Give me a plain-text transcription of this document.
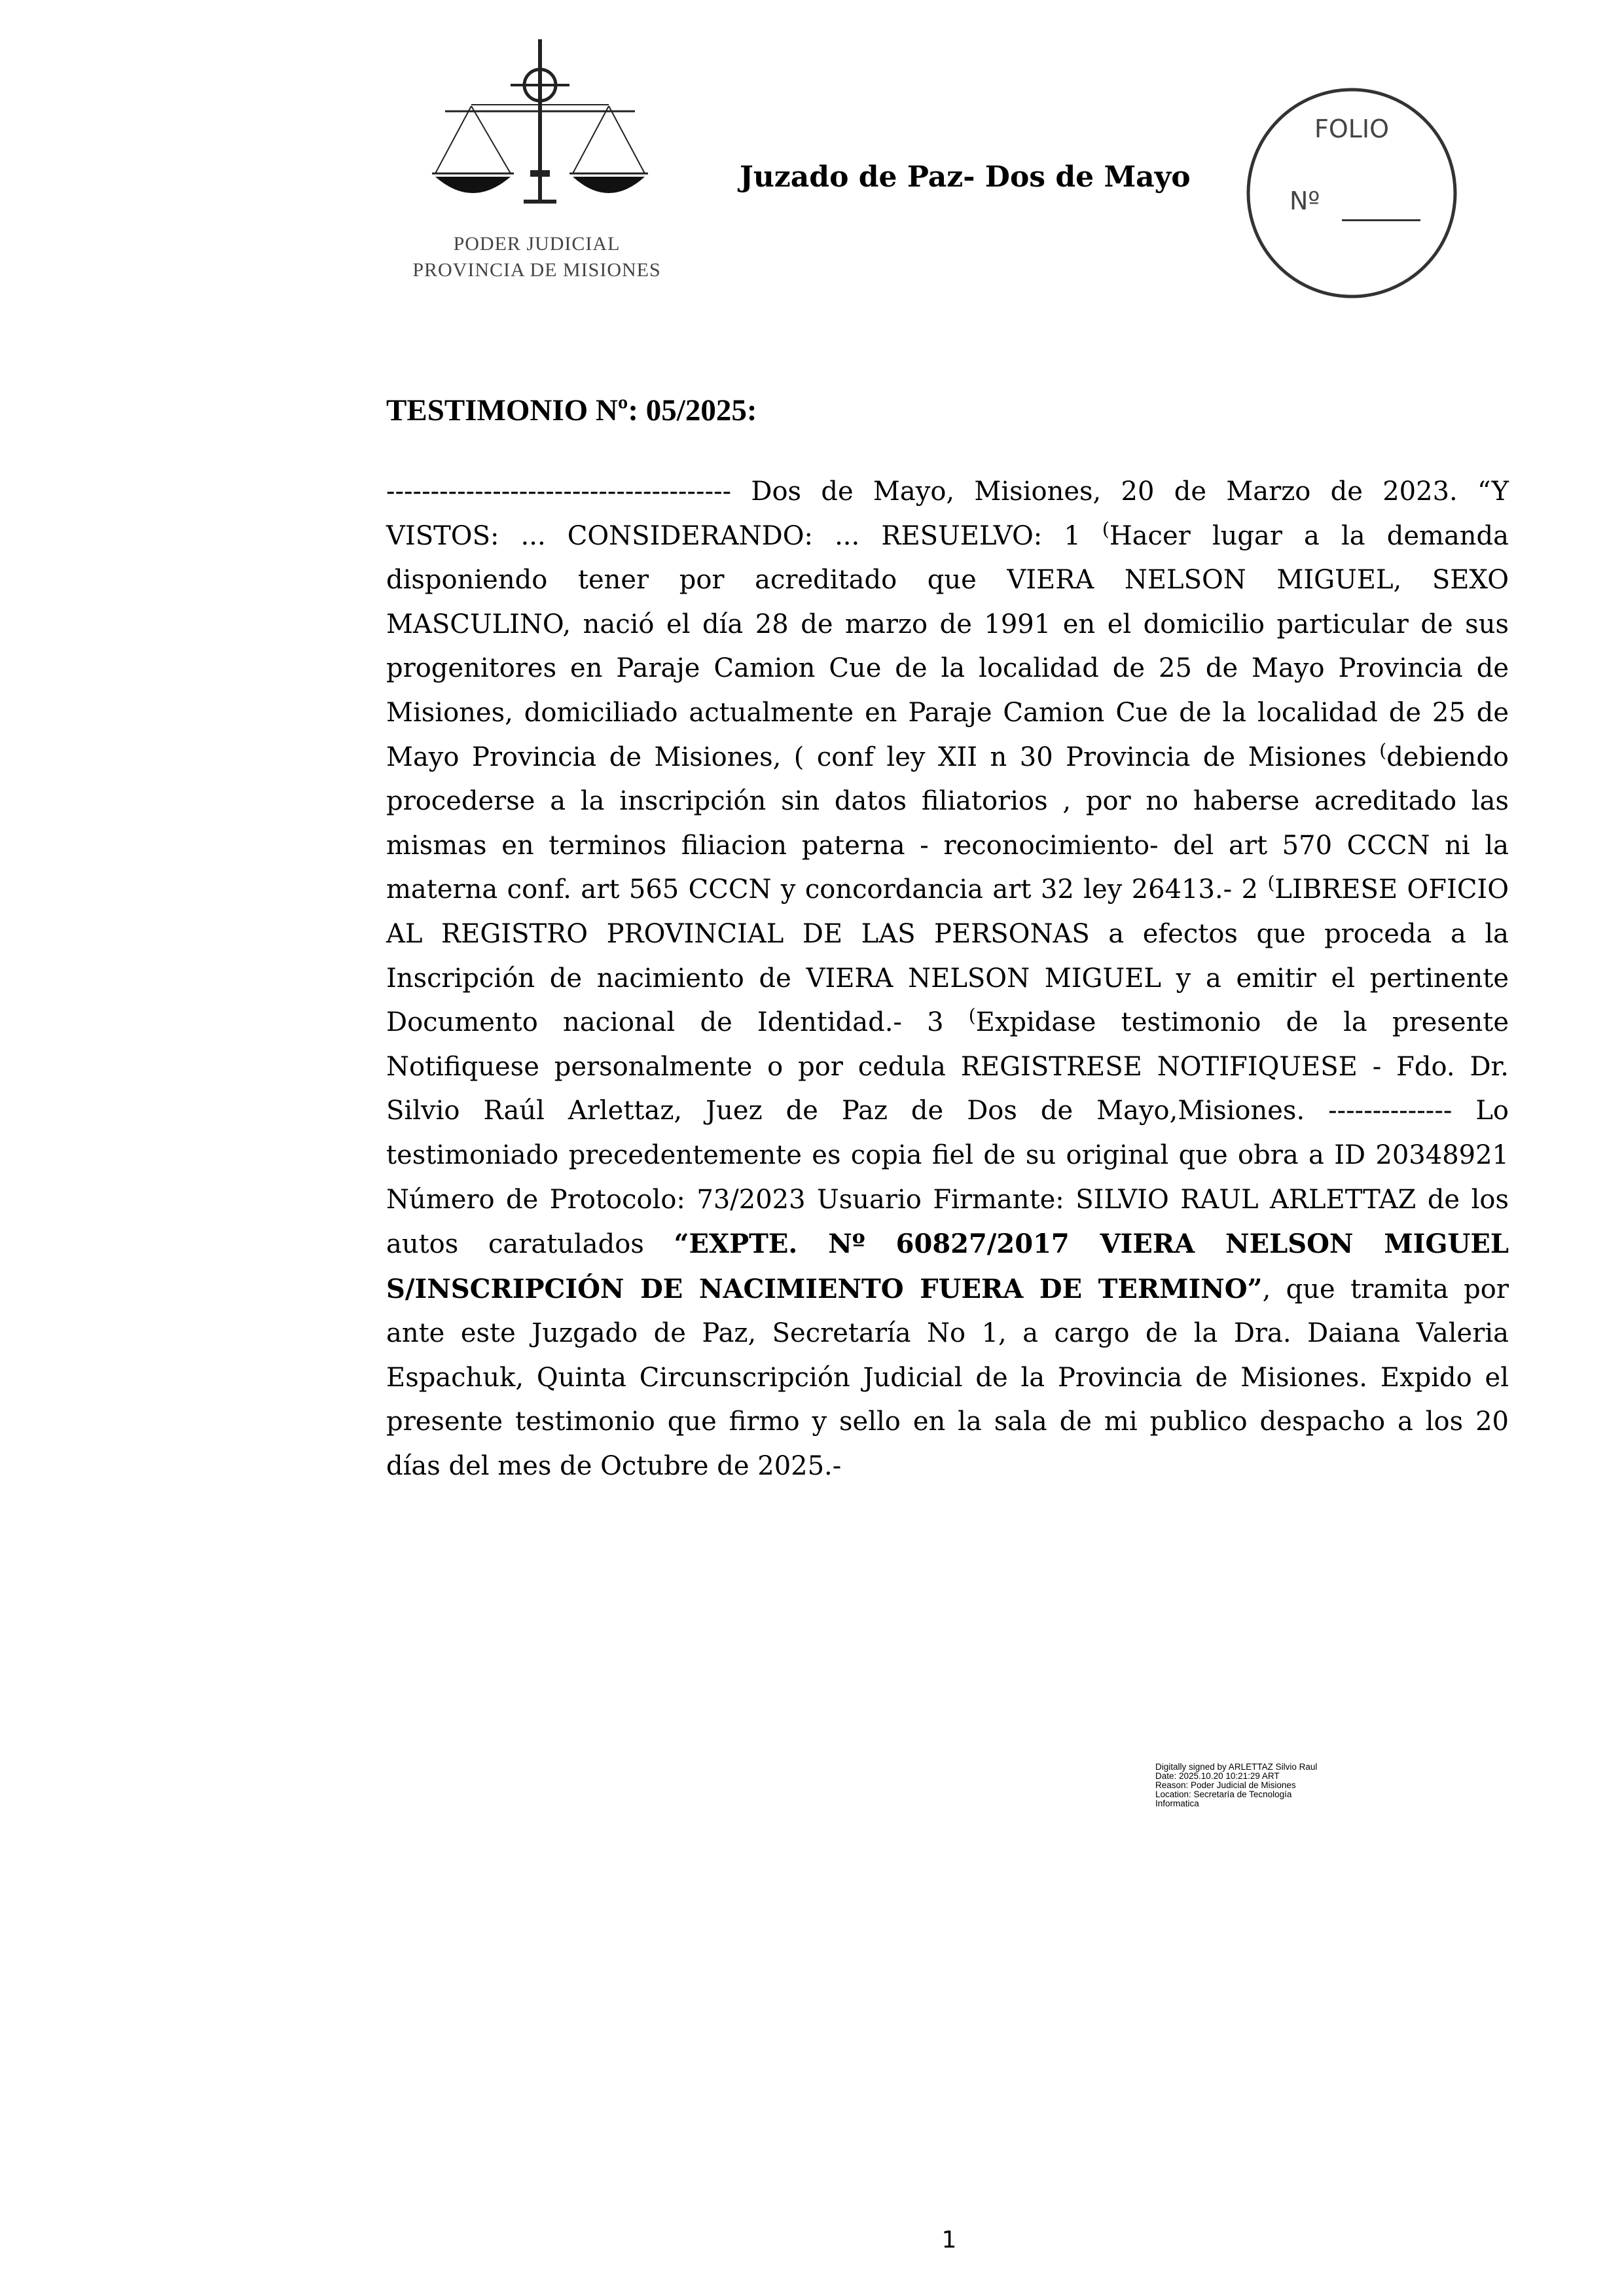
PODER JUDICIAL
PROVINCIA DE MISIONES
Juzado de Paz- Dos de Mayo
FOLIO
Nº
TESTIMONIO Nº: 05/2025:
--------------------------------------- Dos de Mayo, Misiones, 20 de Marzo de 2023. “Y VISTOS: ... CONSIDERANDO: ... RESUELVO: 1 (Hacer lugar a la demanda disponiendo tener por acreditado que VIERA NELSON MIGUEL, SEXO MASCULINO, nació el día 28 de marzo de 1991 en el domicilio particular de sus progenitores en Paraje Camion Cue de la localidad de 25 de Mayo Provincia de Misiones, domiciliado actualmente en Paraje Camion Cue de la localidad de 25 de Mayo Provincia de Misiones, ( conf ley XII n 30 Provincia de Misiones (debiendo procederse a la inscripción sin datos filiatorios , por no haberse acreditado las mismas en terminos filiacion paterna - reconocimiento- del art 570 CCCN ni la materna conf. art 565 CCCN y concordancia art 32 ley 26413.- 2 (LIBRESE OFICIO AL REGISTRO PROVINCIAL DE LAS PERSONAS a efectos que proceda a la Inscripción de nacimiento de VIERA NELSON MIGUEL y a emitir el pertinente Documento nacional de Identidad.- 3 (Expidase testimonio de la presente Notifiquese personalmente o por cedula REGISTRESE NOTIFIQUESE - Fdo. Dr. Silvio Raúl Arlettaz, Juez de Paz de Dos de Mayo,Misiones. -------------- Lo testimoniado precedentemente es copia fiel de su original que obra a ID 20348921 Número de Protocolo: 73/2023 Usuario Firmante: SILVIO RAUL ARLETTAZ de los autos caratulados “EXPTE. Nº 60827/2017 VIERA NELSON MIGUEL S/INSCRIPCIÓN DE NACIMIENTO FUERA DE TERMINO”, que tramita por ante este Juzgado de Paz, Secretaría No 1, a cargo de la Dra. Daiana Valeria Espachuk, Quinta Circunscripción Judicial de la Provincia de Misiones. Expido el presente testimonio que firmo y sello en la sala de mi publico despacho a los 20 días del mes de Octubre de 2025.-
Digitally signed by ARLETTAZ Silvio Raul
Date: 2025.10.20 10:21:29 ART
Reason: Poder Judicial de Misiones
Location: Secretaría de Tecnología
Informatica
1
